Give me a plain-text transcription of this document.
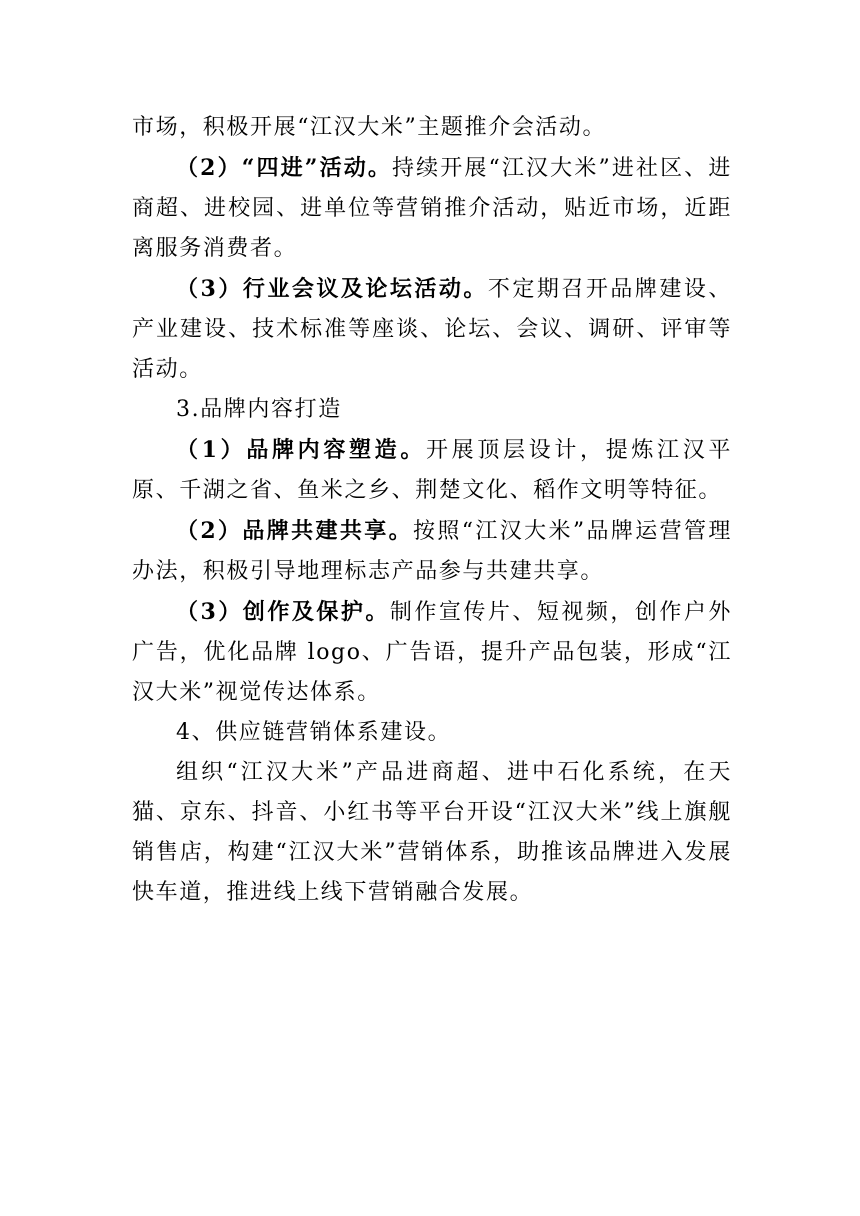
市场，积极开展“江汉大米”主题推介会活动。

（2）“四进”活动。持续开展“江汉大米”进社区、进商超、进校园、进单位等营销推介活动，贴近市场，近距离服务消费者。

（3）行业会议及论坛活动。不定期召开品牌建设、产业建设、技术标准等座谈、论坛、会议、调研、评审等活动。

3.品牌内容打造

（1）品牌内容塑造。开展顶层设计，提炼江汉平原、千湖之省、鱼米之乡、荆楚文化、稻作文明等特征。

（2）品牌共建共享。按照“江汉大米”品牌运营管理办法，积极引导地理标志产品参与共建共享。

（3）创作及保护。制作宣传片、短视频，创作户外广告，优化品牌 logo、广告语，提升产品包装，形成“江汉大米”视觉传达体系。

4、供应链营销体系建设。

组织“江汉大米”产品进商超、进中石化系统，在天猫、京东、抖音、小红书等平台开设“江汉大米”线上旗舰销售店，构建“江汉大米”营销体系，助推该品牌进入发展快车道，推进线上线下营销融合发展。
